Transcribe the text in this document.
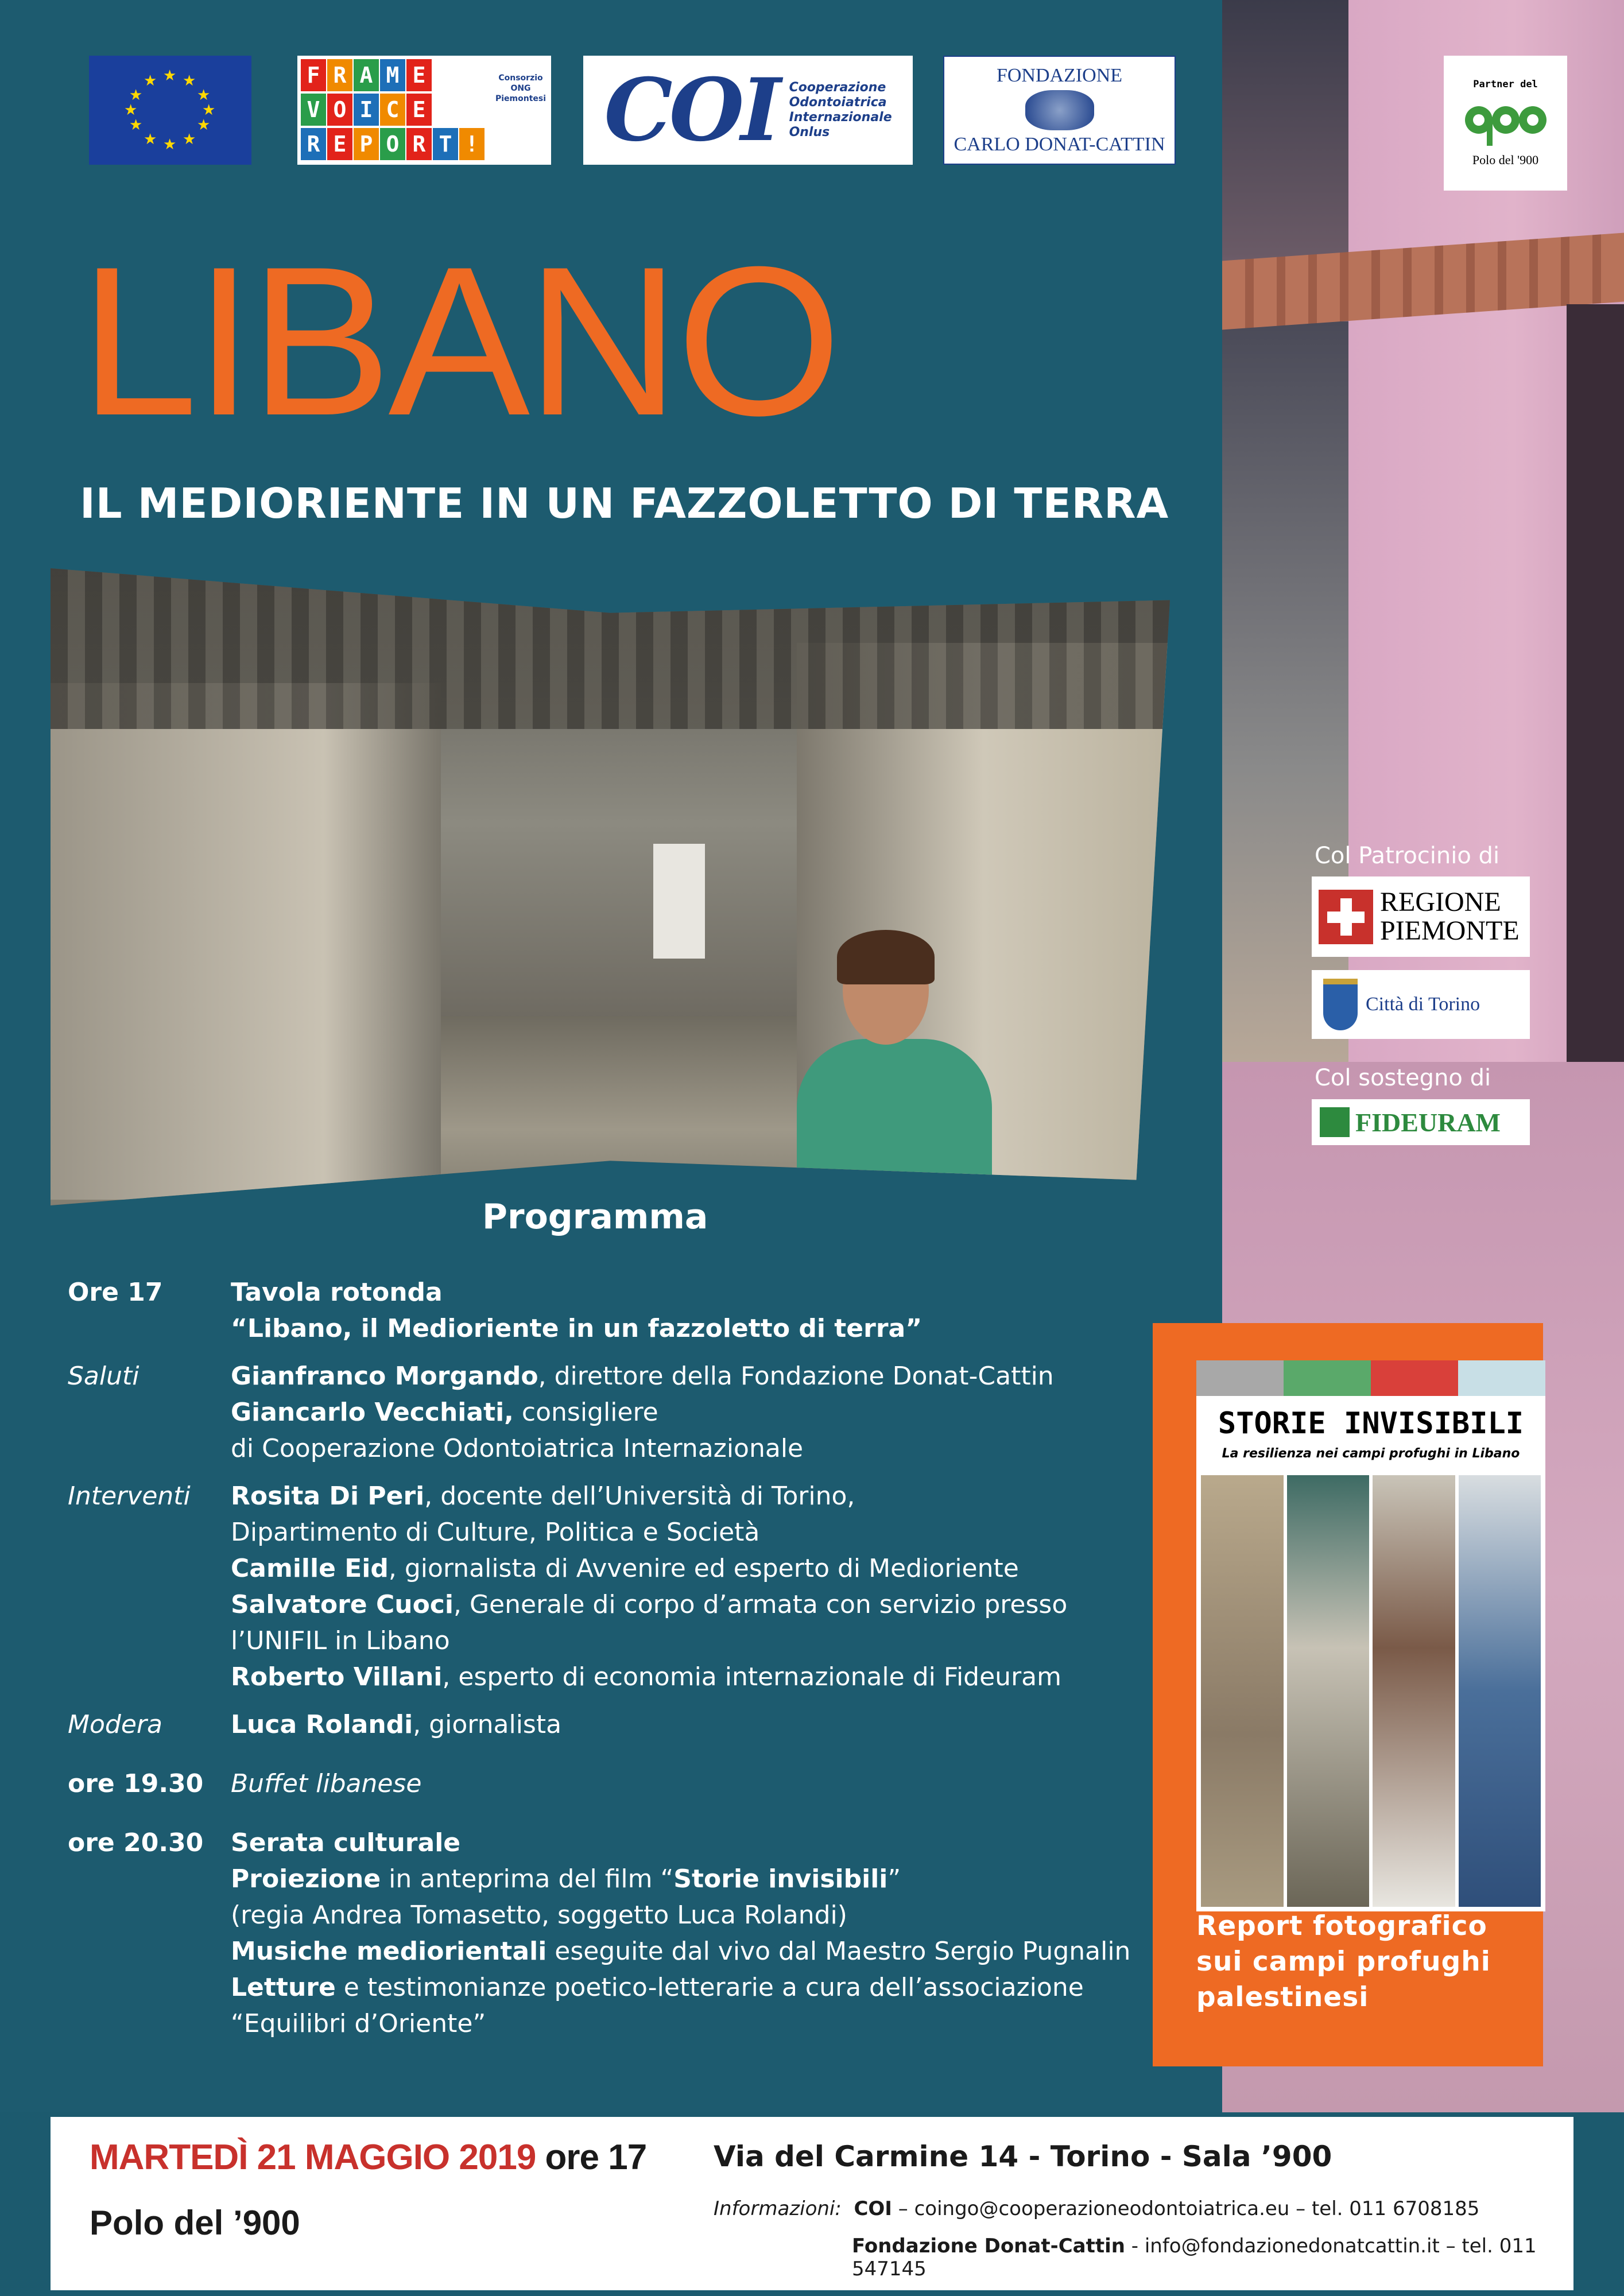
★ ★
★
★
★
★
★
★
★
★
★
★	F R A M E
V O I C E
R E P O R T !
Consorzio ONG Piemontesi COI Cooperazione
Odontoiatrica
Internazionale
Onlus
FONDAZIONE
CARLO DONAT-CATTIN
Partner del
Polo del '900
LIBANO
IL MEDIORIENTE IN UN FAZZOLETTO DI TERRA
Col Patrocinio di
REGIONE
PIEMONTE
Città di Torino
Col sostegno di
FIDEURAM
Programma
Ore 17	Tavola rotonda
“Libano, il Medioriente in un fazzoletto di terra”
Saluti	Gianfranco Morgando, direttore della Fondazione Donat-Cattin
Giancarlo Vecchiati, consigliere
di Cooperazione Odontoiatrica Internazionale
Interventi	Rosita Di Peri, docente dell’Università di Torino,
Dipartimento di Culture, Politica e Società
Camille Eid, giornalista di Avvenire ed esperto di Medioriente
Salvatore Cuoci, Generale di corpo d’armata con servizio presso
l’UNIFIL in Libano
Roberto Villani, esperto di economia internazionale di Fideuram
Modera	Luca Rolandi, giornalista
ore 19.30	Buffet libanese
ore 20.30	Serata culturale
Proiezione in anteprima del film “Storie invisibili”
(regia Andrea Tomasetto, soggetto Luca Rolandi)
Musiche mediorientali eseguite dal vivo dal Maestro Sergio Pugnalin
Letture e testimonianze poetico-letterarie a cura dell’associazione
“Equilibri d’Oriente”
STORIE INVISIBILI
La resilienza nei campi profughi in Libano
Report fotografico sui campi profughi palestinesi
MARTEDÌ 21 MAGGIO 2019 ore 17
Polo del ’900
Via del Carmine 14 - Torino - Sala ’900
Informazioni: COI – coingo@cooperazioneodontoiatrica.eu – tel. 011 6708185
Fondazione Donat-Cattin - info@fondazionedonatcattin.it – tel. 011 547145
